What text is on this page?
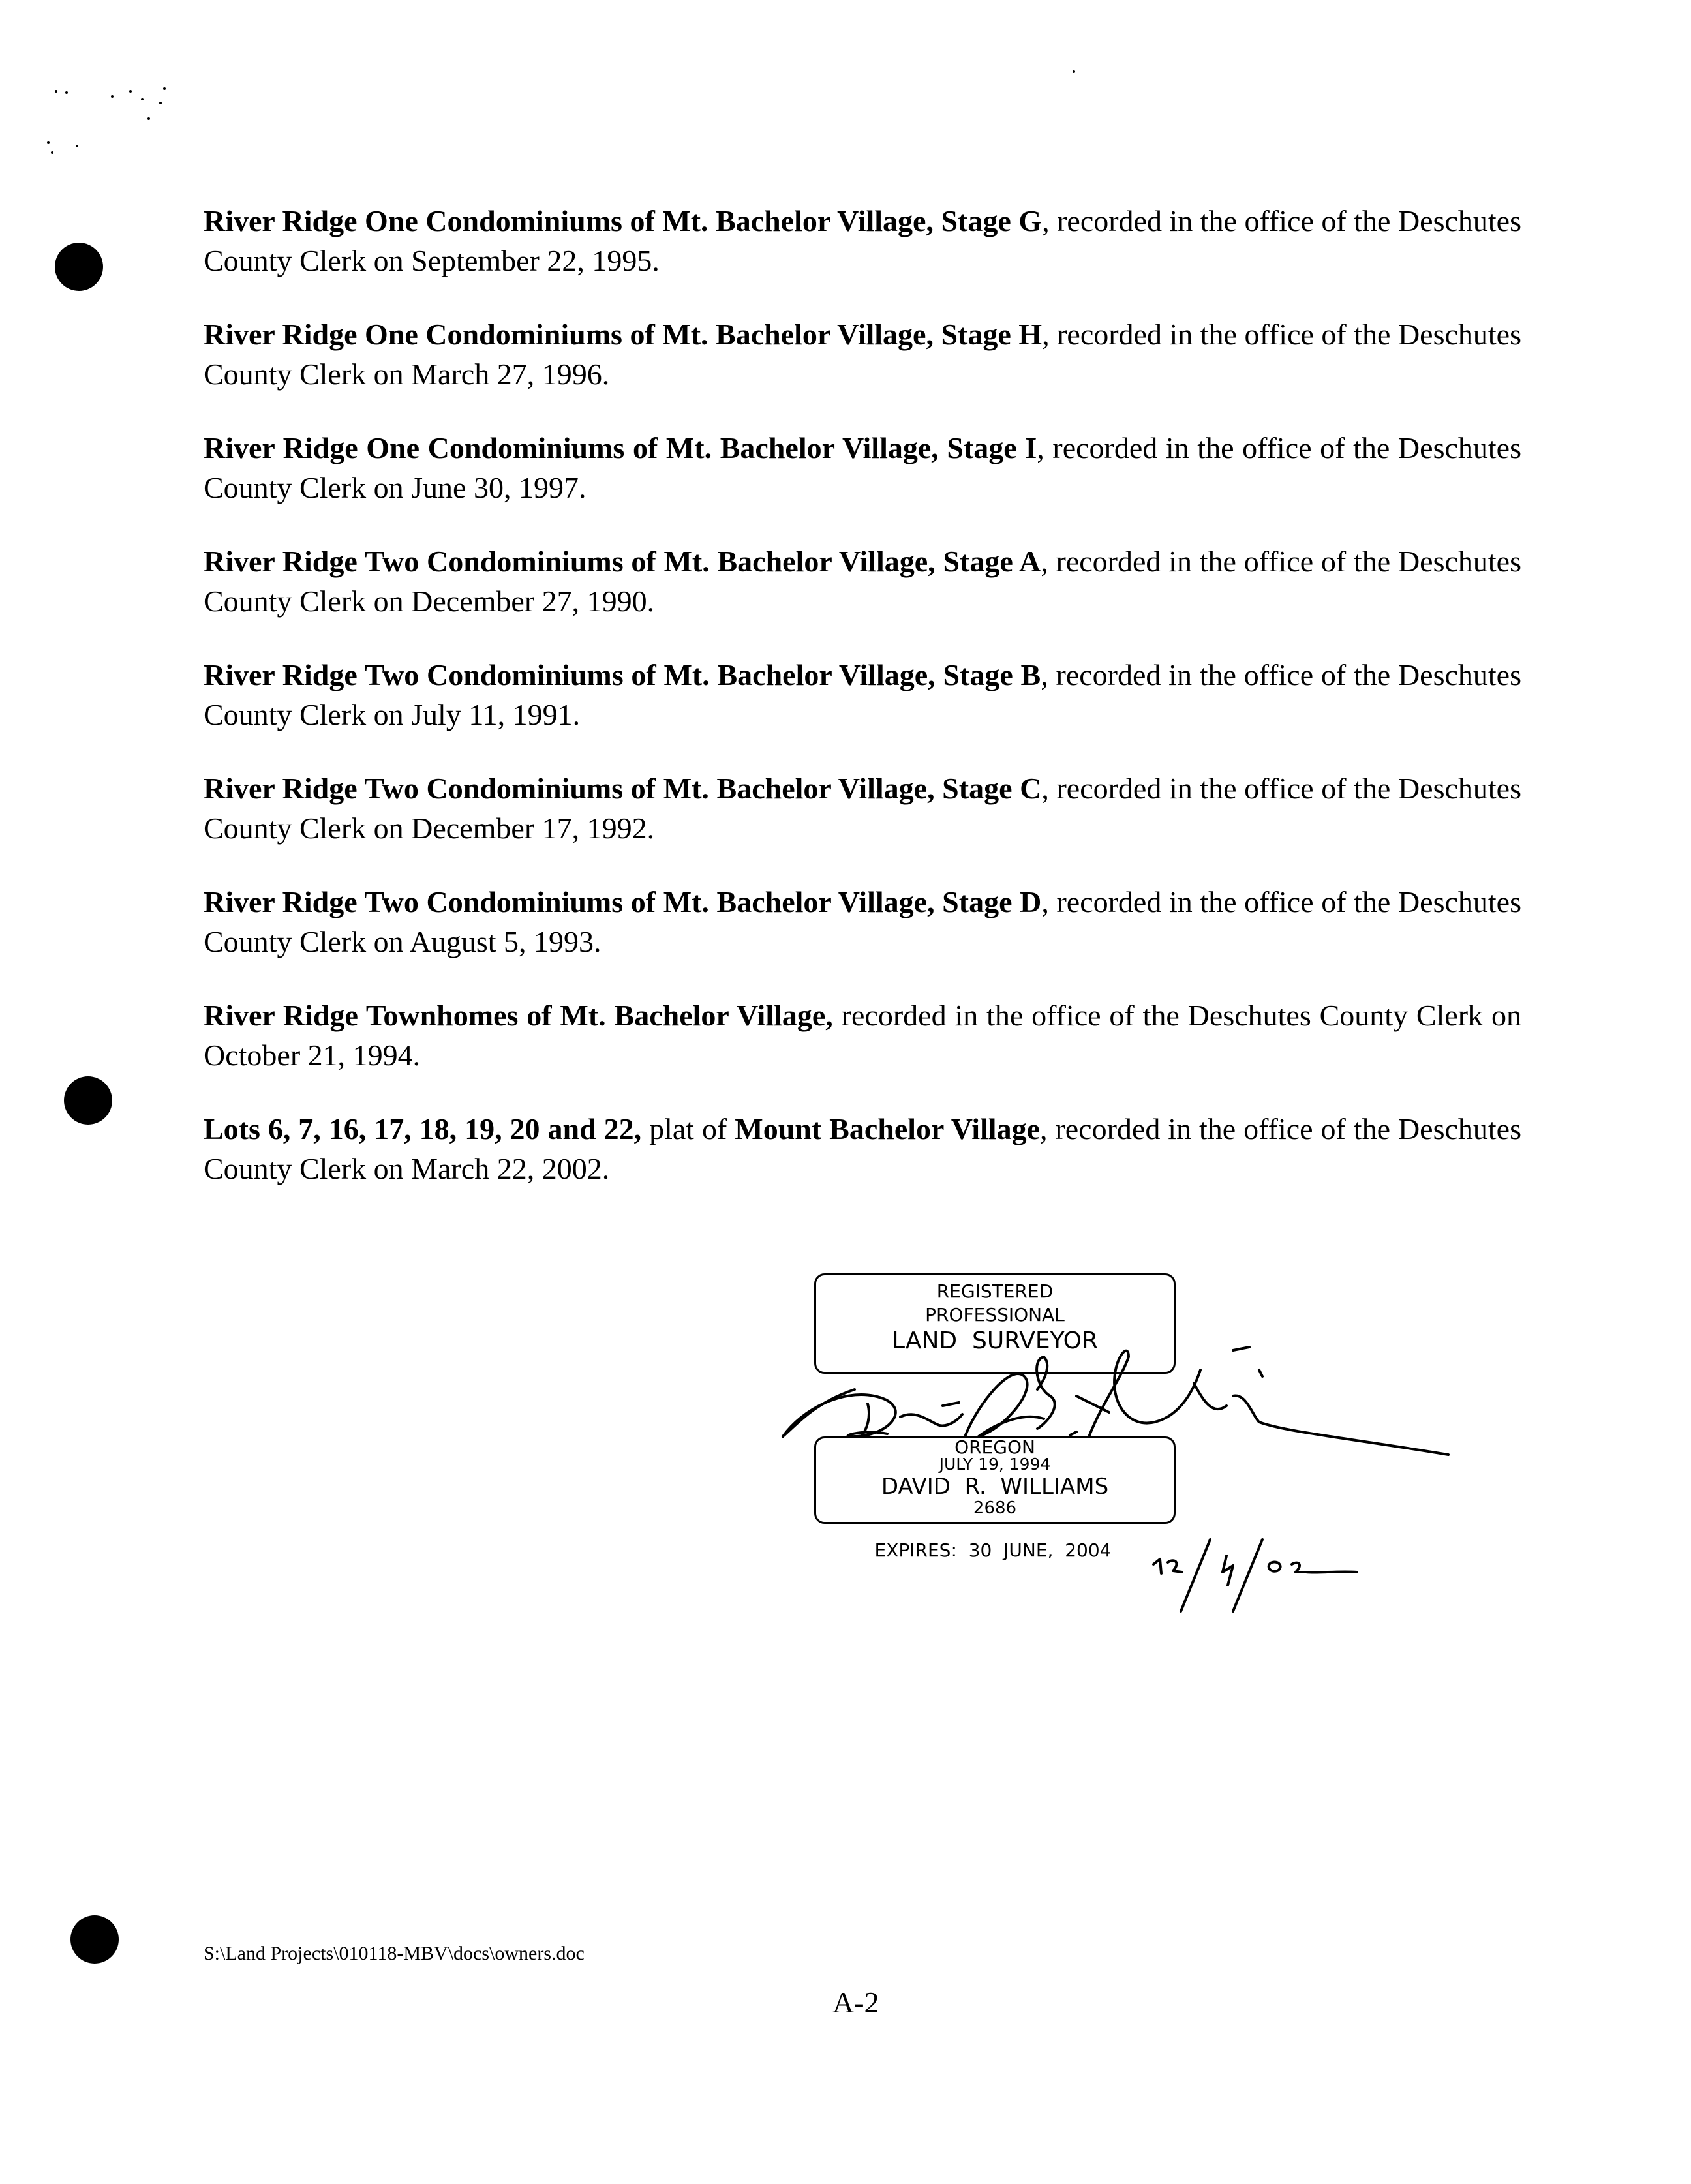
River Ridge One Condominiums of Mt. Bachelor Village, Stage G, recorded in the office of the Deschutes County Clerk on September 22, 1995.

River Ridge One Condominiums of Mt. Bachelor Village, Stage H, recorded in the office of the Deschutes County Clerk on March 27, 1996.

River Ridge One Condominiums of Mt. Bachelor Village, Stage I, recorded in the office of the Deschutes County Clerk on June 30, 1997.

River Ridge Two Condominiums of Mt. Bachelor Village, Stage A, recorded in the office of the Deschutes County Clerk on December 27, 1990.

River Ridge Two Condominiums of Mt. Bachelor Village, Stage B, recorded in the office of the Deschutes County Clerk on July 11, 1991.

River Ridge Two Condominiums of Mt. Bachelor Village, Stage C, recorded in the office of the Deschutes County Clerk on December 17, 1992.

River Ridge Two Condominiums of Mt. Bachelor Village, Stage D, recorded in the office of the Deschutes County Clerk on August 5, 1993.

River Ridge Townhomes of Mt. Bachelor Village, recorded in the office of the Deschutes County Clerk on October 21, 1994.

Lots 6, 7, 16, 17, 18, 19, 20 and 22, plat of Mount Bachelor Village, recorded in the office of the Deschutes County Clerk on March 22, 2002.

REGISTERED
PROFESSIONAL
LAND  SURVEYOR
OREGON
JULY 19, 1994
DAVID  R.  WILLIAMS
2686
EXPIRES:  30  JUNE,  2004
S:\Land Projects\010118-MBV\docs\owners.doc
A-2
